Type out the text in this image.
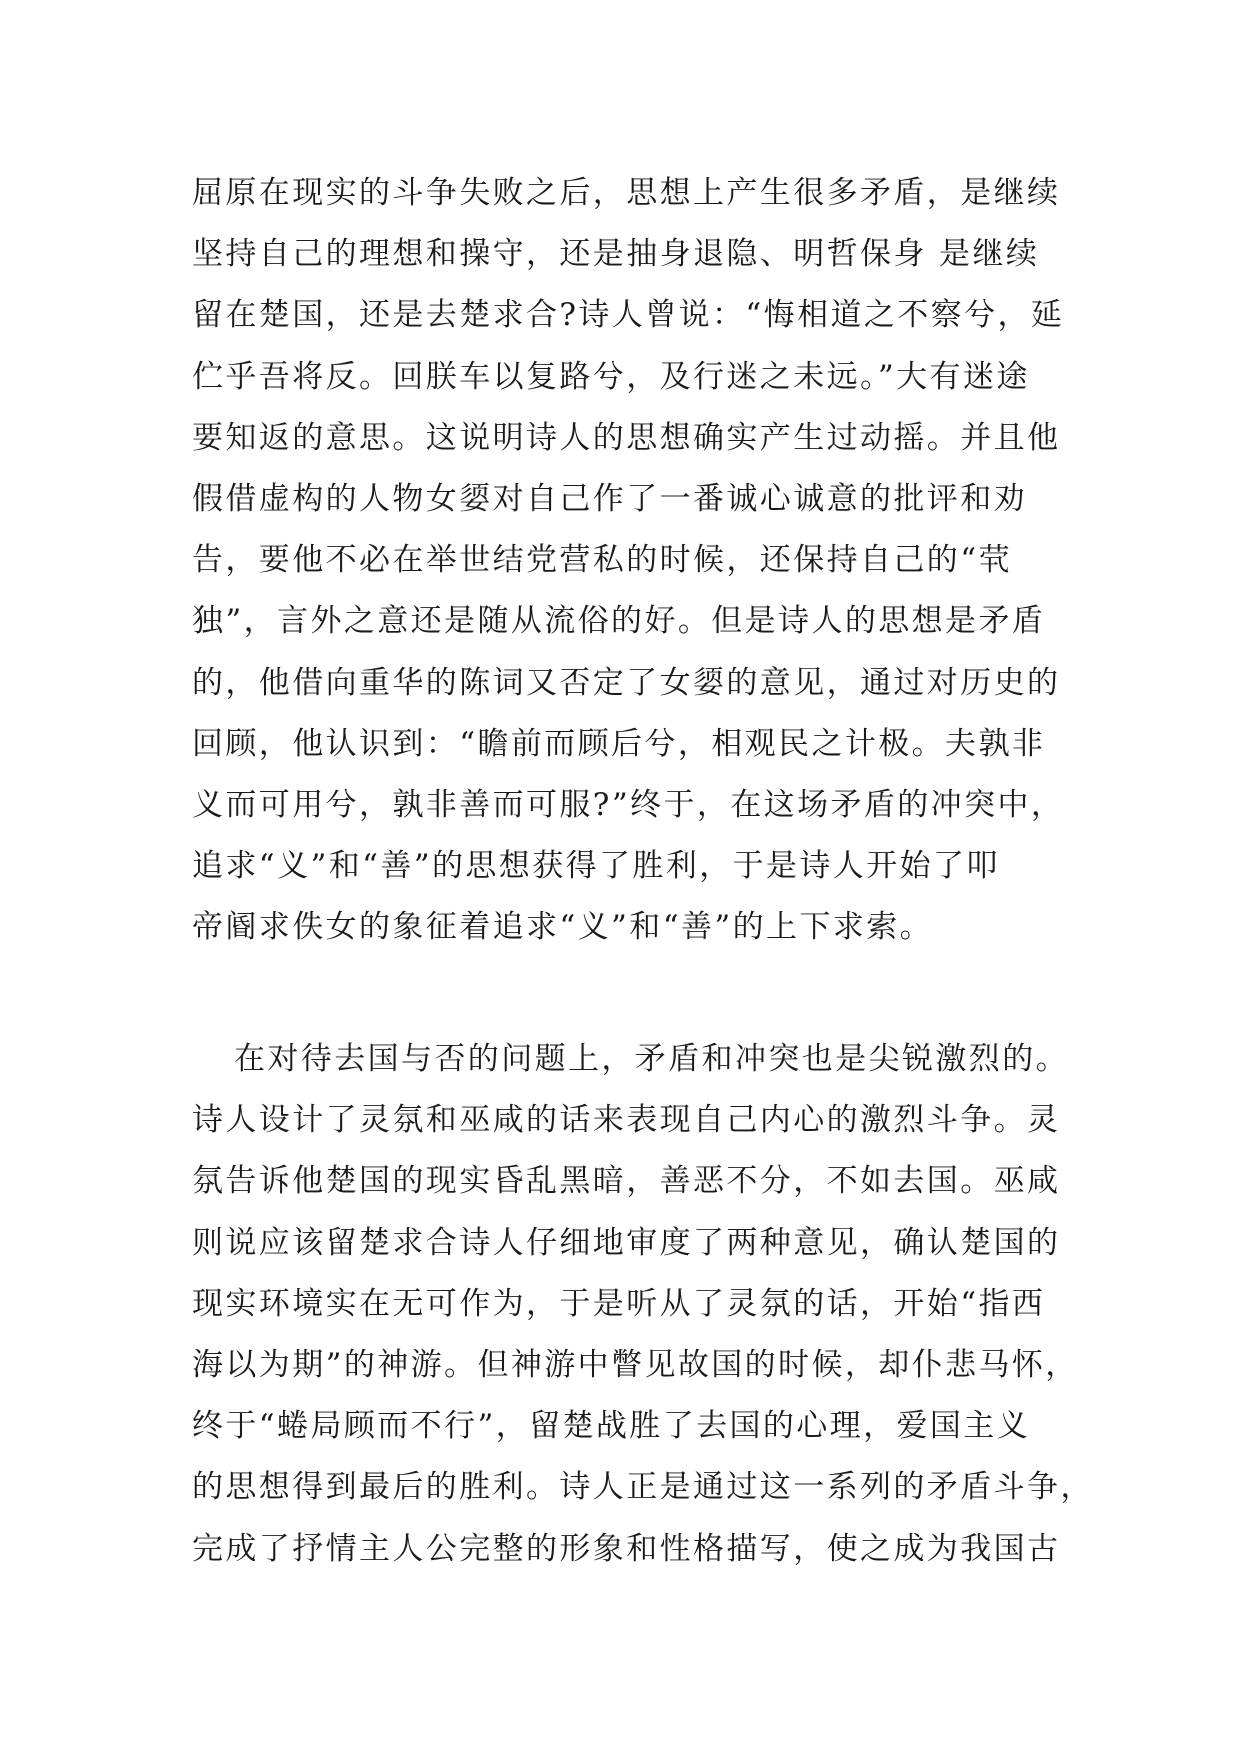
屈原在现实的斗争失败之后，思想上产生很多矛盾，是继续
坚持自己的理想和操守，还是抽身退隐、明哲保身 是继续
留在楚国，还是去楚求合?诗人曾说：“悔相道之不察兮，延
伫乎吾将反。回朕车以复路兮，及行迷之未远。”大有迷途
要知返的意思。这说明诗人的思想确实产生过动摇。并且他
假借虚构的人物女媭对自己作了一番诚心诚意的批评和劝
告，要他不必在举世结党营私的时候，还保持自己的“茕
独”，言外之意还是随从流俗的好。但是诗人的思想是矛盾
的，他借向重华的陈词又否定了女媭的意见，通过对历史的
回顾，他认识到：“瞻前而顾后兮，相观民之计极。夫孰非
义而可用兮，孰非善而可服?”终于，在这场矛盾的冲突中，
追求“义”和“善”的思想获得了胜利，于是诗人开始了叩
帝阍求佚女的象征着追求“义”和“善”的上下求索。
在对待去国与否的问题上，矛盾和冲突也是尖锐激烈的。
诗人设计了灵氛和巫咸的话来表现自己内心的激烈斗争。灵
氛告诉他楚国的现实昏乱黑暗，善恶不分，不如去国。巫咸
则说应该留楚求合诗人仔细地审度了两种意见，确认楚国的
现实环境实在无可作为，于是听从了灵氛的话，开始“指西
海以为期”的神游。但神游中瞥见故国的时候，却仆悲马怀，
终于“蜷局顾而不行”，留楚战胜了去国的心理，爱国主义
的思想得到最后的胜利。诗人正是通过这一系列的矛盾斗争，
完成了抒情主人公完整的形象和性格描写，使之成为我国古
